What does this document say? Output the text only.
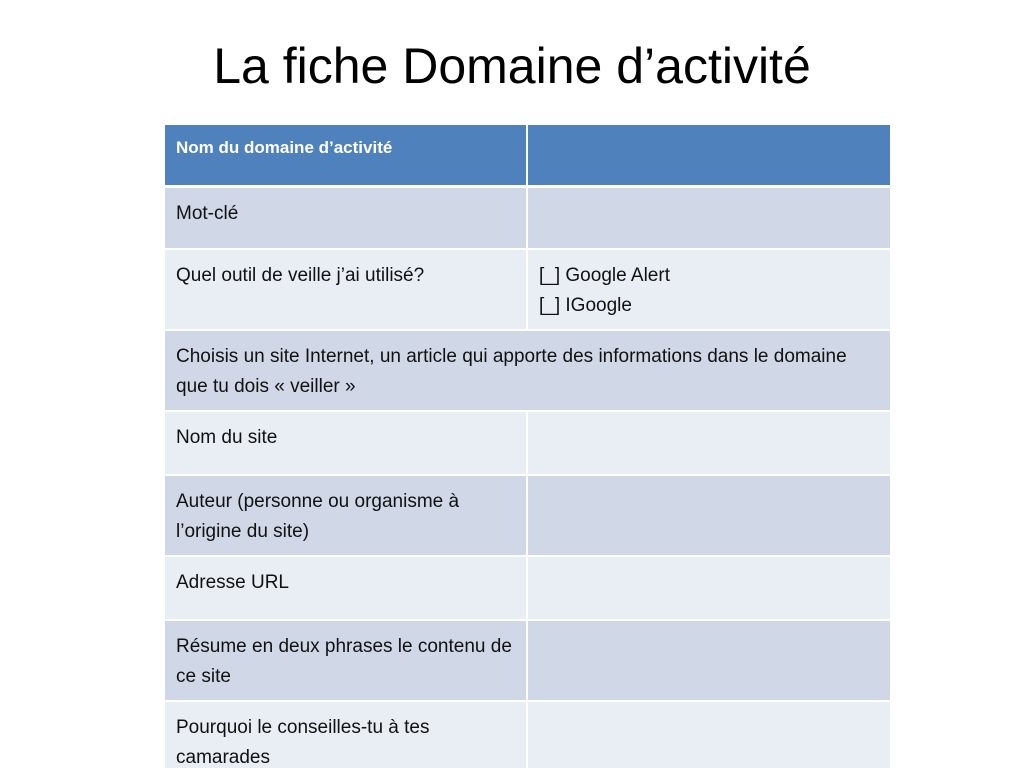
La fiche Domaine d’activité
Nom du domaine d’activité	
Mot-clé	
Quel outil de veille j’ai utilisé?	[_] Google Alert
[_] IGoogle

Choisis un site Internet, un article qui apporte des informations dans le domaine que tu dois « veiller »	
Nom du site	
Auteur (personne ou organisme à l’origine du site)	
Adresse URL	
Résume en deux phrases le contenu de ce site	
Pourquoi le conseilles-tu à tes camarades	
